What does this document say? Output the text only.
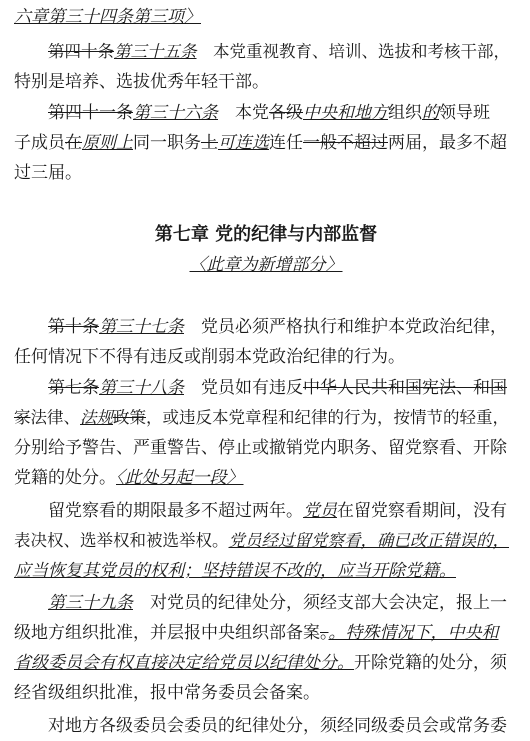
六章第三十四条第三项〉

第四十条第三十五条　本党重视教育、培训、选拔和考核干部，

特别是培养、选拔优秀年轻干部。

第四十一条第三十六条　本党各级中央和地方组织的领导班

子成员在原则上同一职务上可连选连任一般不超过两届，最多不超

过三届。

第七章 党的纪律与内部监督

〈此章为新增部分〉

第十条第三十七条　党员必须严格执行和维护本党政治纪律，

任何情况下不得有违反或削弱本党政治纪律的行为。

第七条第三十八条　党员如有违反中华人民共和国宪法、和国

家法律、法规政策，或违反本党章程和纪律的行为，按情节的轻重，

分别给予警告、严重警告、停止或撤销党内职务、留党察看、开除

党籍的处分。〈此处另起一段〉

留党察看的期限最多不超过两年。党员在留党察看期间，没有

表决权、选举权和被选举权。党员经过留党察看，确已改正错误的，

应当恢复其党员的权利；坚持错误不改的，应当开除党籍。

第三十九条　对党员的纪律处分，须经支部大会决定，报上一

级地方组织批准，并层报中央组织部备案。。特殊情况下，中央和

省级委员会有权直接决定给党员以纪律处分。开除党籍的处分，须

经省级组织批准，报中常务委员会备案。

对地方各级委员会委员的纪律处分，须经同级委员会或常务委
